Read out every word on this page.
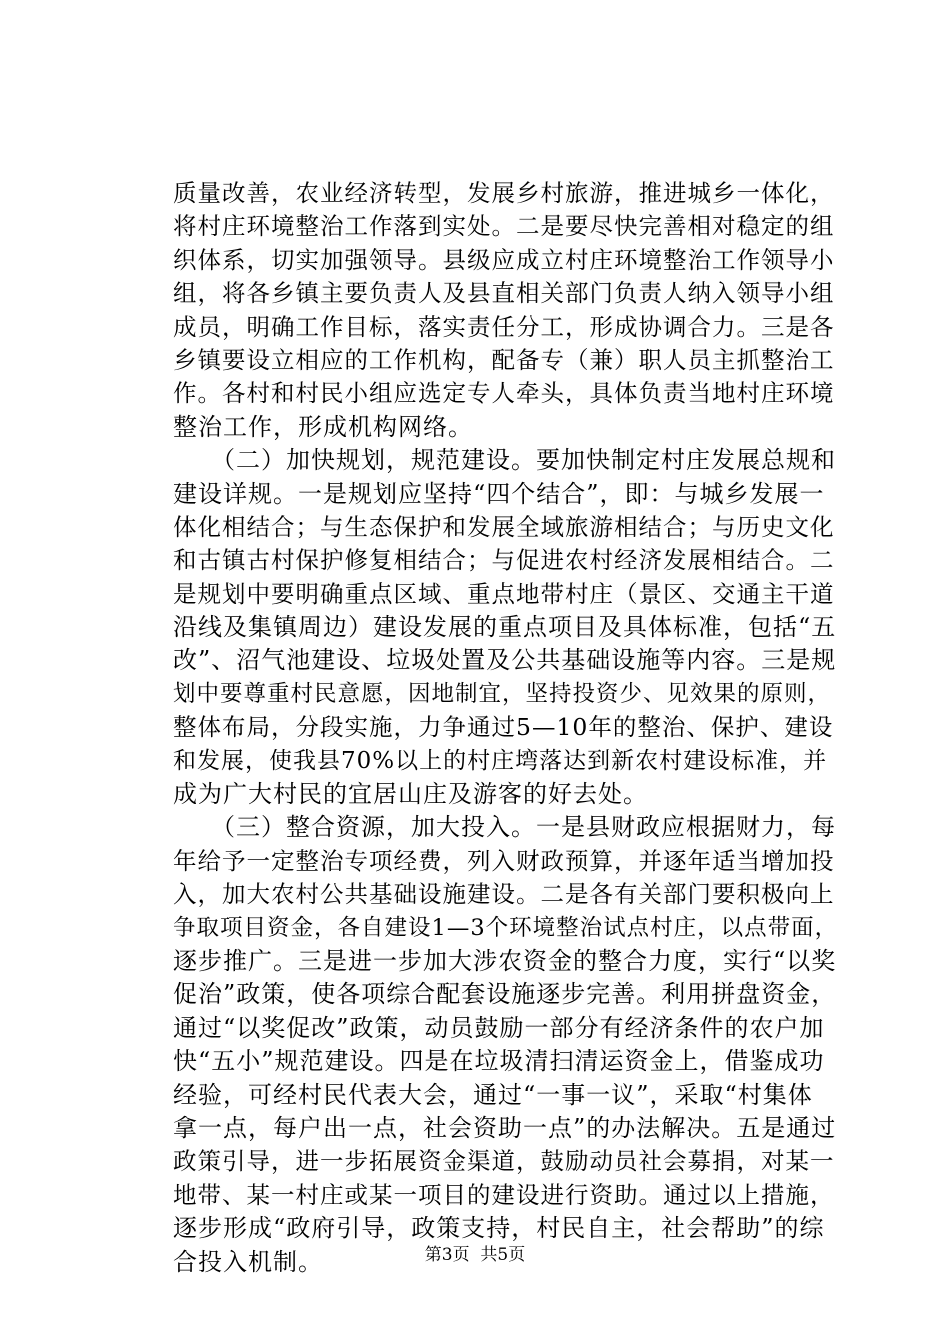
质量改善，农业经济转型，发展乡村旅游，推进城乡一体化，
将村庄环境整治工作落到实处。二是要尽快完善相对稳定的组
织体系，切实加强领导。县级应成立村庄环境整治工作领导小
组，将各乡镇主要负责人及县直相关部门负责人纳入领导小组
成员，明确工作目标，落实责任分工，形成协调合力。三是各
乡镇要设立相应的工作机构，配备专（兼）职人员主抓整治工
作。各村和村民小组应选定专人牵头，具体负责当地村庄环境
整治工作，形成机构网络。
　　（二）加快规划，规范建设。要加快制定村庄发展总规和
建设详规。一是规划应坚持“四个结合”，即：与城乡发展一
体化相结合；与生态保护和发展全域旅游相结合；与历史文化
和古镇古村保护修复相结合；与促进农村经济发展相结合。二
是规划中要明确重点区域、重点地带村庄（景区、交通主干道
沿线及集镇周边）建设发展的重点项目及具体标准，包括“五
改”、沼气池建设、垃圾处置及公共基础设施等内容。三是规
划中要尊重村民意愿，因地制宜，坚持投资少、见效果的原则，
整体布局，分段实施，力争通过5—10年的整治、保护、建设
和发展，使我县70%以上的村庄塆落达到新农村建设标准，并
成为广大村民的宜居山庄及游客的好去处。
　　（三）整合资源，加大投入。一是县财政应根据财力，每
年给予一定整治专项经费，列入财政预算，并逐年适当增加投
入，加大农村公共基础设施建设。二是各有关部门要积极向上
争取项目资金，各自建设1—3个环境整治试点村庄，以点带面，
逐步推广。三是进一步加大涉农资金的整合力度，实行“以奖
促治”政策，使各项综合配套设施逐步完善。利用拼盘资金，
通过“以奖促改”政策，动员鼓励一部分有经济条件的农户加
快“五小”规范建设。四是在垃圾清扫清运资金上，借鉴成功
经验，可经村民代表大会，通过“一事一议”，采取“村集体
拿一点，每户出一点，社会资助一点”的办法解决。五是通过
政策引导，进一步拓展资金渠道，鼓励动员社会募捐，对某一
地带、某一村庄或某一项目的建设进行资助。通过以上措施，
逐步形成“政府引导，政策支持，村民自主，社会帮助”的综
合投入机制。	第3页 共5页
